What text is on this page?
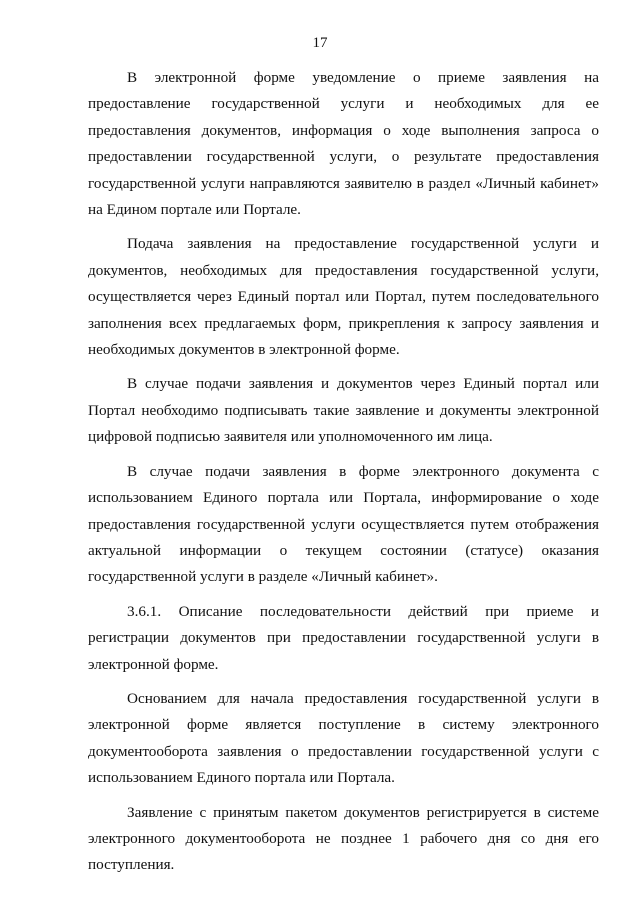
17

В электронной форме уведомление о приеме заявления на предоставление государственной услуги и необходимых для ее предоставления документов, информация о ходе выполнения запроса о предоставлении государственной услуги, о результате предоставления государственной услуги направляются заявителю в раздел «Личный кабинет» на Едином портале или Портале.

Подача заявления на предоставление государственной услуги и документов, необходимых для предоставления государственной услуги, осуществляется через Единый портал или Портал, путем последовательного заполнения всех предлагаемых форм, прикрепления к запросу заявления и необходимых документов в электронной форме.

В случае подачи заявления и документов через Единый портал или Портал необходимо подписывать такие заявление и документы электронной цифровой подписью заявителя или уполномоченного им лица.

В случае подачи заявления в форме электронного документа с использованием Единого портала или Портала, информирование о ходе предоставления государственной услуги осуществляется путем отображения актуальной информации о текущем состоянии (статусе) оказания государственной услуги в разделе «Личный кабинет».

3.6.1. Описание последовательности действий при приеме и регистрации документов при предоставлении государственной услуги в электронной форме.

Основанием для начала предоставления государственной услуги в электронной форме является поступление в систему электронного документооборота заявления о предоставлении государственной услуги с использованием Единого портала или Портала.

Заявление с принятым пакетом документов регистрируется в системе электронного документооборота не позднее 1 рабочего дня со дня его поступления.
